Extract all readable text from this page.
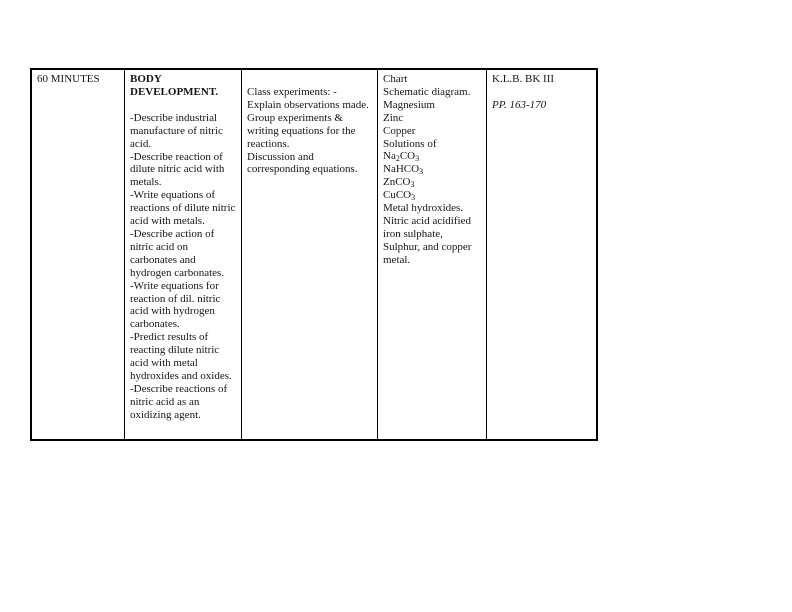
60 MINUTES	BODY
DEVELOPMENT.
-Describe industrial manufacture of nitric acid.
-Describe reaction of dilute nitric acid with metals.
-Write equations of reactions of dilute nitric acid with metals.
-Describe action of nitric acid on carbonates and hydrogen carbonates.
-Write equations for reaction of dil. nitric acid with hydrogen carbonates.
-Predict results of reacting dilute nitric acid with metal hydroxides and oxides.
-Describe reactions of nitric acid as an oxidizing agent.
Class experiments: -
Explain observations made.
Group experiments & writing equations for the reactions.
Discussion and corresponding equations.
Chart
Schematic diagram.
Magnesium
Zinc
Copper
Solutions of
$Na_2CO_3$
NaHCO$_3$
ZnCO$_3$
CuCO$_3$
Metal hydroxides.
Nitric acid acidified iron sulphate,
Sulphur, and copper metal.
K.L.B. BK III
PP. 163-170
